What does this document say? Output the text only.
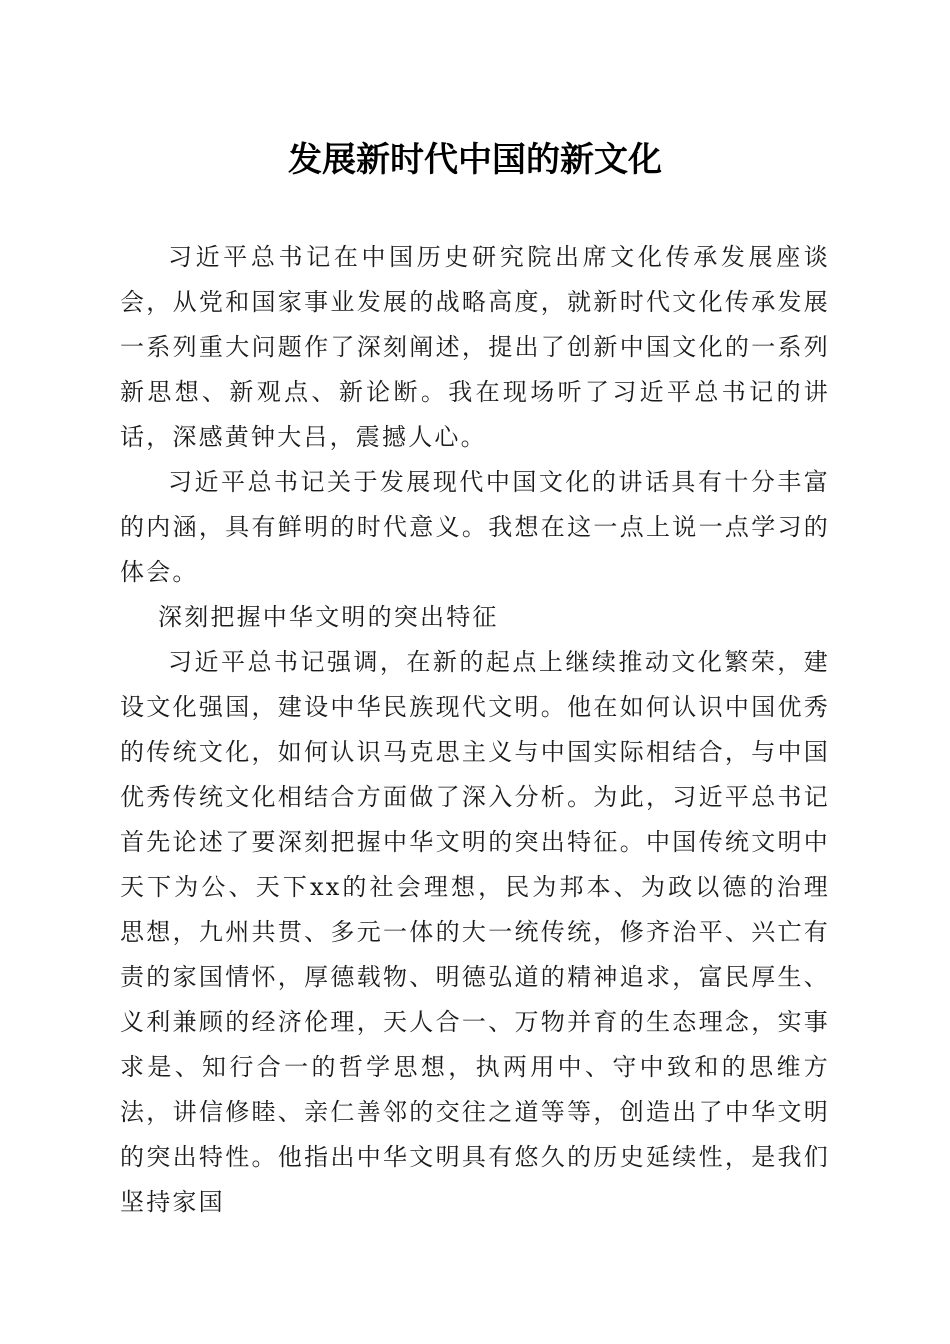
发展新时代中国的新文化

习近平总书记在中国历史研究院出席文化传承发展座谈会，从党和国家事业发展的战略高度，就新时代文化传承发展一系列重大问题作了深刻阐述，提出了创新中国文化的一系列新思想、新观点、新论断。我在现场听了习近平总书记的讲话，深感黄钟大吕，震撼人心。

习近平总书记关于发展现代中国文化的讲话具有十分丰富的内涵，具有鲜明的时代意义。我想在这一点上说一点学习的体会。

深刻把握中华文明的突出特征

习近平总书记强调，在新的起点上继续推动文化繁荣，建设文化强国，建设中华民族现代文明。他在如何认识中国优秀的传统文化，如何认识马克思主义与中国实际相结合，与中国优秀传统文化相结合方面做了深入分析。为此，习近平总书记首先论述了要深刻把握中华文明的突出特征。中国传统文明中天下为公、天下xx的社会理想，民为邦本、为政以德的治理思想，九州共贯、多元一体的大一统传统，修齐治平、兴亡有责的家国情怀，厚德载物、明德弘道的精神追求，富民厚生、义利兼顾的经济伦理，天人合一、万物并育的生态理念，实事求是、知行合一的哲学思想，执两用中、守中致和的思维方法，讲信修睦、亲仁善邻的交往之道等等，创造出了中华文明的突出特性。他指出中华文明具有悠久的历史延续性，是我们坚持家国
